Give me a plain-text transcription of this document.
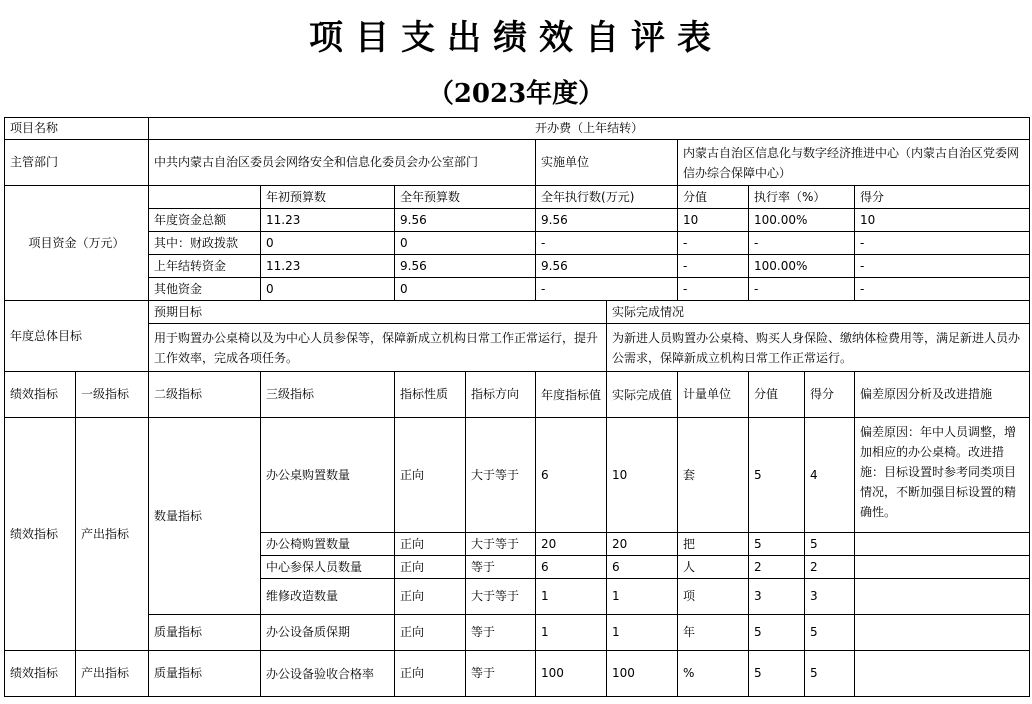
项目支出绩效自评表
（2023年度）
项目名称		开办费（上年结转）									
主管部门		中共内蒙古自治区委员会网络安全和信息化委员会办公室部门				实施单位		内蒙古自治区信息化与数字经济推进中心（内蒙古自治区党委网信办综合保障中心）			
项目资金（万元）			年初预算数	全年预算数		全年执行数(万元)		分值	执行率（%）		得分
		年度资金总额	11.23	9.56		9.56		10	100.00%		10
		其中：财政拨款	0	0		-		-	-		-
		上年结转资金	11.23	9.56		9.56		-	100.00%		-
		其他资金	0	0		-		-	-		-
年度总体目标		预期目标					实际完成情况				
		用于购置办公桌椅以及为中心人员参保等，保障新成立机构日常工作正常运行，提升工作效率，完成各项任务。					为新进人员购置办公桌椅、购买人身保险、缴纳体检费用等，满足新进人员办公需求，保障新成立机构日常工作正常运行。				
绩效指标	一级指标	二级指标	三级指标	指标性质	指标方向	年度指标值	实际完成值	计量单位	分值	得分	偏差原因分析及改进措施
绩效指标	产出指标	数量指标	办公桌购置数量	正向	大于等于	6	10	套	5	4	偏差原因：年中人员调整，增加相应的办公桌椅。改进措施：目标设置时参考同类项目情况，不断加强目标设置的精确性。
			办公椅购置数量	正向	大于等于	20	20	把	5	5	
			中心参保人员数量	正向	等于	6	6	人	2	2	
			维修改造数量	正向	大于等于	1	1	项	3	3	
		质量指标	办公设备质保期	正向	等于	1	1	年	5	5	
绩效指标	产出指标	质量指标	办公设备验收合格率	正向	等于	100	100	%	5	5	
